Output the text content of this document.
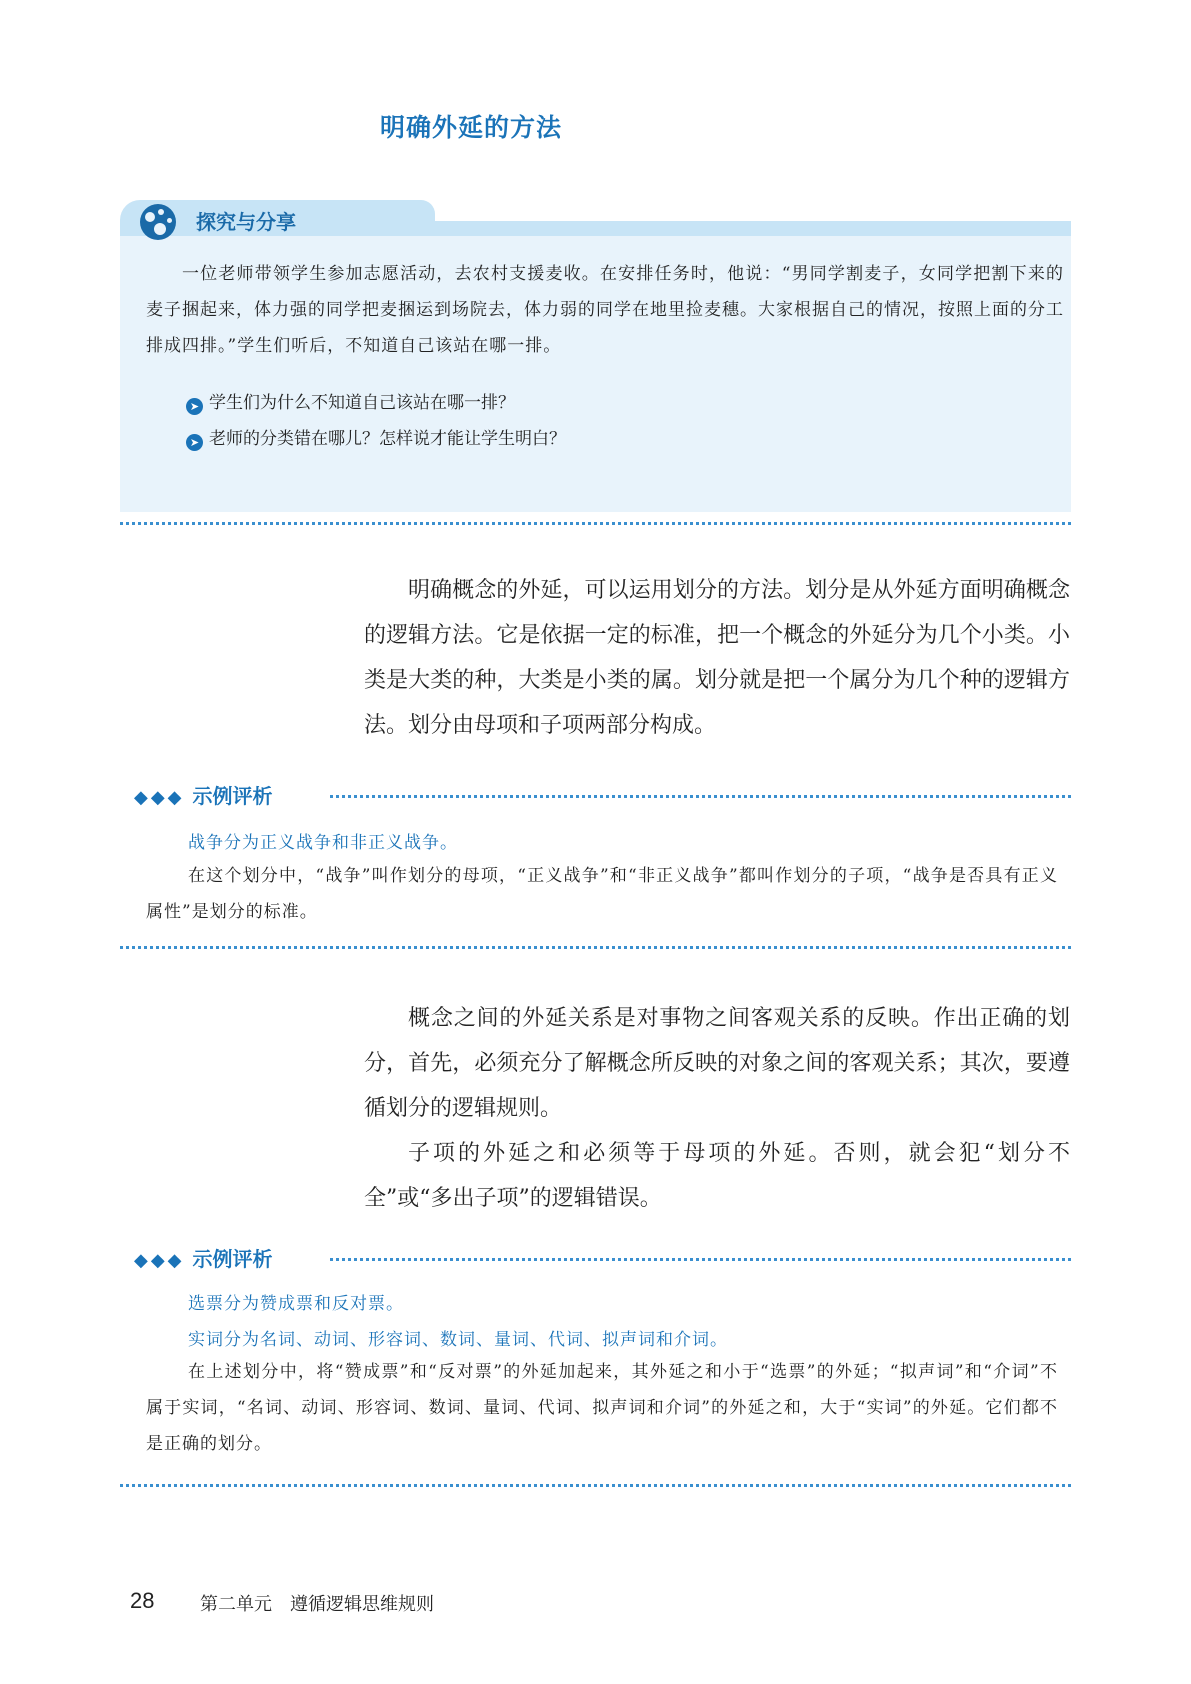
明确外延的方法
探究与分享
一位老师带领学生参加志愿活动，去农村支援麦收。在安排任务时，他说：“男同学割麦子，女同学把割下来的麦子捆起来，体力强的同学把麦捆运到场院去，体力弱的同学在地里捡麦穗。大家根据自己的情况，按照上面的分工排成四排。”学生们听后，不知道自己该站在哪一排。
➤ 学生们为什么不知道自己该站在哪一排？
➤ 老师的分类错在哪儿？怎样说才能让学生明白？

明确概念的外延，可以运用划分的方法。划分是从外延方面明确概念的逻辑方法。它是依据一定的标准，把一个概念的外延分为几个小类。小类是大类的种，大类是小类的属。划分就是把一个属分为几个种的逻辑方法。划分由母项和子项两部分构成。

◆◆◆ 示例评析
战争分为正义战争和非正义战争。
在这个划分中，“战争”叫作划分的母项，“正义战争”和“非正义战争”都叫作划分的子项，“战争是否具有正义属性”是划分的标准。

概念之间的外延关系是对事物之间客观关系的反映。作出正确的划分，首先，必须充分了解概念所反映的对象之间的客观关系；其次，要遵循划分的逻辑规则。

子项的外延之和必须等于母项的外延。否则，就会犯“划分不全”或“多出子项”的逻辑错误。

◆◆◆ 示例评析
选票分为赞成票和反对票。
实词分为名词、动词、形容词、数词、量词、代词、拟声词和介词。
在上述划分中，将“赞成票”和“反对票”的外延加起来，其外延之和小于“选票”的外延；“拟声词”和“介词”不属于实词，“名词、动词、形容词、数词、量词、代词、拟声词和介词”的外延之和，大于“实词”的外延。它们都不是正确的划分。
28	第二单元　遵循逻辑思维规则
